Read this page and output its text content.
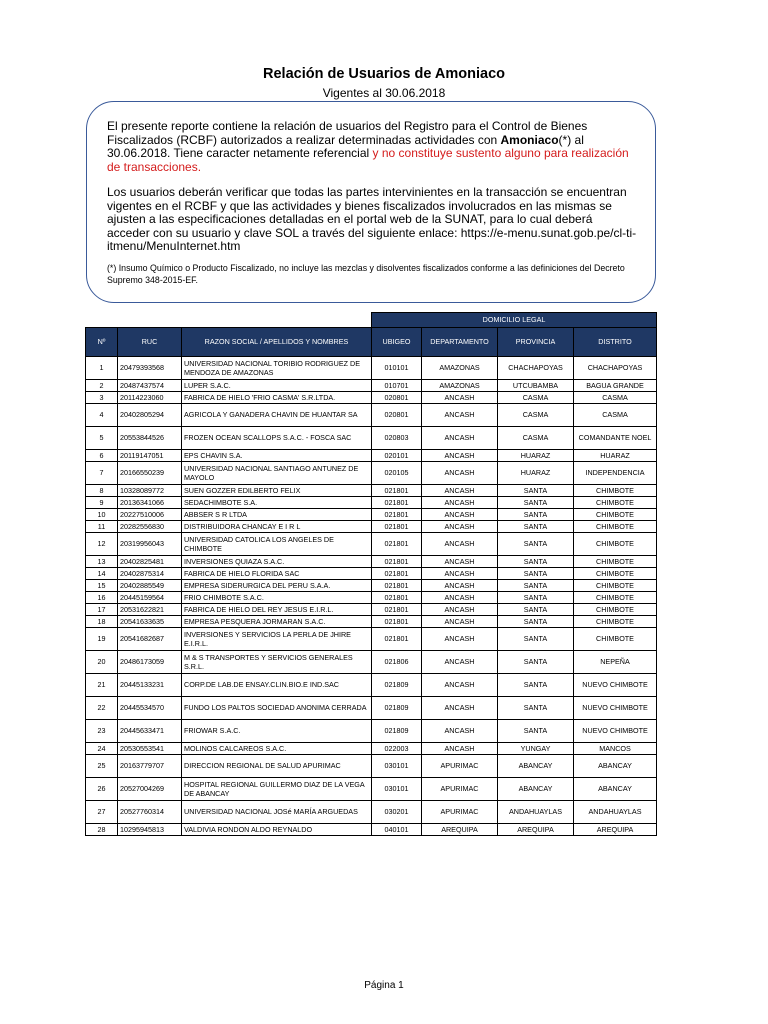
Relación de Usuarios de Amoniaco
Vigentes al 30.06.2018

El presente reporte contiene la relación de usuarios del Registro para el Control de Bienes Fiscalizados (RCBF) autorizados a realizar determinadas actividades con Amoniaco(*) al 30.06.2018. Tiene caracter netamente referencial y no constituye sustento alguno para realización de transacciones.

Los usuarios deberán verificar que todas las partes intervinientes en la transacción se encuentran vigentes en el RCBF y que las actividades y bienes fiscalizados involucrados en las mismas se ajusten a las especificaciones detalladas en el portal web de la SUNAT, para lo cual deberá acceder con su usuario y clave SOL a través del siguiente enlace: https://e-menu.sunat.gob.pe/cl-ti-itmenu/MenuInternet.htm

(*) Insumo Químico o Producto Fiscalizado, no incluye las mezclas y disolventes fiscalizados conforme a las definiciones del Decreto Supremo 348-2015-EF.

			DOMICILIO LEGAL			
Nº	RUC	RAZON SOCIAL / APELLIDOS Y NOMBRES	UBIGEO	DEPARTAMENTO	PROVINCIA	DISTRITO
1	20479393568	UNIVERSIDAD NACIONAL TORIBIO RODRIGUEZ DE MENDOZA DE AMAZONAS	010101	AMAZONAS	CHACHAPOYAS	CHACHAPOYAS
2	20487437574	LUPER S.A.C.	010701	AMAZONAS	UTCUBAMBA	BAGUA GRANDE
3	20114223060	FABRICA DE HIELO 'FRIO CASMA' S.R.LTDA.	020801	ANCASH	CASMA	CASMA
4	20402805294	AGRICOLA Y GANADERA CHAVIN DE HUANTAR SA	020801	ANCASH	CASMA	CASMA
5	20553844526	FROZEN OCEAN SCALLOPS S.A.C. - FOSCA SAC	020803	ANCASH	CASMA	COMANDANTE NOEL
6	20119147051	EPS CHAVIN S.A.	020101	ANCASH	HUARAZ	HUARAZ
7	20166550239	UNIVERSIDAD NACIONAL SANTIAGO ANTUNEZ DE MAYOLO	020105	ANCASH	HUARAZ	INDEPENDENCIA
8	10328089772	SUEN GOZZER EDILBERTO FELIX	021801	ANCASH	SANTA	CHIMBOTE
9	20136341066	SEDACHIMBOTE S.A.	021801	ANCASH	SANTA	CHIMBOTE
10	20227510006	ABBSER S R LTDA	021801	ANCASH	SANTA	CHIMBOTE
11	20282556830	DISTRIBUIDORA CHANCAY E I R L	021801	ANCASH	SANTA	CHIMBOTE
12	20319956043	UNIVERSIDAD CATOLICA LOS ANGELES DE CHIMBOTE	021801	ANCASH	SANTA	CHIMBOTE
13	20402825481	INVERSIONES QUIAZA S.A.C.	021801	ANCASH	SANTA	CHIMBOTE
14	20402875314	FABRICA DE HIELO FLORIDA SAC	021801	ANCASH	SANTA	CHIMBOTE
15	20402885549	EMPRESA SIDERURGICA DEL PERU S.A.A.	021801	ANCASH	SANTA	CHIMBOTE
16	20445159564	FRIO CHIMBOTE S.A.C.	021801	ANCASH	SANTA	CHIMBOTE
17	20531622821	FABRICA DE HIELO DEL REY JESUS E.I.R.L.	021801	ANCASH	SANTA	CHIMBOTE
18	20541633635	EMPRESA PESQUERA JORMARAN S.A.C.	021801	ANCASH	SANTA	CHIMBOTE
19	20541682687	INVERSIONES Y SERVICIOS LA PERLA DE JHIRE E.I.R.L.	021801	ANCASH	SANTA	CHIMBOTE
20	20486173059	M & S TRANSPORTES Y SERVICIOS GENERALES S.R.L.	021806	ANCASH	SANTA	NEPEÑA
21	20445133231	CORP.DE LAB.DE ENSAY.CLIN.BIO.E IND.SAC	021809	ANCASH	SANTA	NUEVO CHIMBOTE
22	20445534570	FUNDO LOS PALTOS SOCIEDAD ANONIMA CERRADA	021809	ANCASH	SANTA	NUEVO CHIMBOTE
23	20445633471	FRIOWAR S.A.C.	021809	ANCASH	SANTA	NUEVO CHIMBOTE
24	20530553541	MOLINOS CALCAREOS S.A.C.	022003	ANCASH	YUNGAY	MANCOS
25	20163779707	DIRECCION REGIONAL DE SALUD APURIMAC	030101	APURIMAC	ABANCAY	ABANCAY
26	20527004269	HOSPITAL REGIONAL GUILLERMO DIAZ DE LA VEGA DE ABANCAY	030101	APURIMAC	ABANCAY	ABANCAY
27	20527760314	UNIVERSIDAD NACIONAL JOSé MARÍA ARGUEDAS	030201	APURIMAC	ANDAHUAYLAS	ANDAHUAYLAS
28	10295945813	VALDIVIA RONDON ALDO REYNALDO	040101	AREQUIPA	AREQUIPA	AREQUIPA
Página 1
